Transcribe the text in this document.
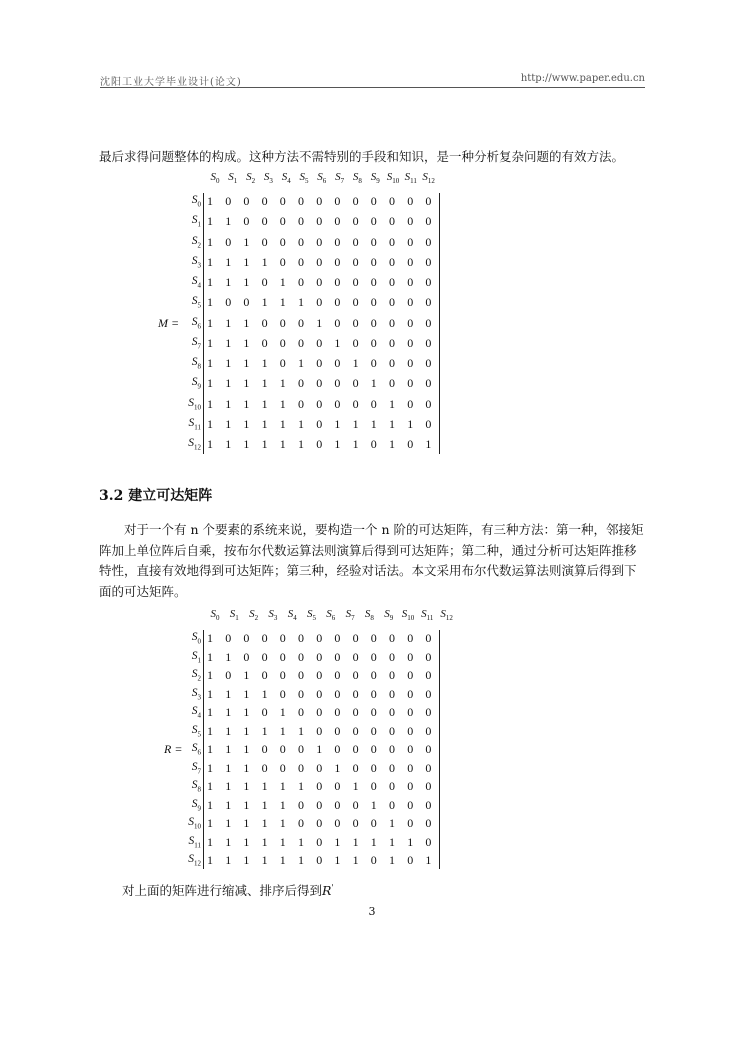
沈阳工业大学毕业设计(论文)	http://www.paper.edu.cn
最后求得问题整体的构成。这种方法不需特别的手段和知识，是一种分析复杂问题的有效方法。
$S_0$ $S_1$ $S_2$ $S_3$ $S_4$ $S_5$ $S_6$ $S_7$ $S_8$ $S_9$ $S_{10}$ $S_{11}$ $S_{12}$
$S_0$ 1 0 0 0 0 0 0 0 0 0 0 0 0
$S_1$ 1 1 0 0 0 0 0 0 0 0 0 0 0
$S_2$ 1 0 1 0 0 0 0 0 0 0 0 0 0
$S_3$ 1 1 1 1 0 0 0 0 0 0 0 0 0
$S_4$ 1 1 1 0 1 0 0 0 0 0 0 0 0
$S_5$ 1 0 0 1 1 1 0 0 0 0 0 0 0
$S_6$ 1 1 1 0 0 0 1 0 0 0 0 0 0
$S_7$ 1 1 1 0 0 0 0 1 0 0 0 0 0
$S_8$ 1 1 1 1 0 1 0 0 1 0 0 0 0
$S_9$ 1 1 1 1 1 0 0 0 0 1 0 0 0
$S_{10}$ 1 1 1 1 1 0 0 0 0 0 1 0 0
$S_{11}$ 1 1 1 1 1 1 0 1 1 1 1 1 0
$S_{12}$ 1 1 1 1 1 1 0 1 1 0 1 0 1
M =
3.2 建立可达矩阵
对于一个有 n 个要素的系统来说，要构造一个 n 阶的可达矩阵，有三种方法：第一种，邻接矩阵加上单位阵后自乘，按布尔代数运算法则演算后得到可达矩阵；第二种，通过分析可达矩阵推移特性，直接有效地得到可达矩阵；第三种，经验对话法。本文采用布尔代数运算法则演算后得到下面的可达矩阵。
$S_0$ $S_1$ $S_2$ $S_3$ $S_4$ $S_5$ $S_6$ $S_7$ $S_8$ $S_9$ $S_{10}$ $S_{11}$ $S_{12}$
$S_0$ 1 0 0 0 0 0 0 0 0 0 0 0 0
$S_1$ 1 1 0 0 0 0 0 0 0 0 0 0 0
$S_2$ 1 0 1 0 0 0 0 0 0 0 0 0 0
$S_3$ 1 1 1 1 0 0 0 0 0 0 0 0 0
$S_4$ 1 1 1 0 1 0 0 0 0 0 0 0 0
$S_5$ 1 1 1 1 1 1 0 0 0 0 0 0 0
$S_6$ 1 1 1 0 0 0 1 0 0 0 0 0 0
$S_7$ 1 1 1 0 0 0 0 1 0 0 0 0 0
$S_8$ 1 1 1 1 1 1 0 0 1 0 0 0 0
$S_9$ 1 1 1 1 1 0 0 0 0 1 0 0 0
$S_{10}$ 1 1 1 1 1 0 0 0 0 0 1 0 0
$S_{11}$ 1 1 1 1 1 1 0 1 1 1 1 1 0
$S_{12}$ 1 1 1 1 1 1 0 1 1 0 1 0 1
R =
对上面的矩阵进行缩减、排序后得到R'
3
